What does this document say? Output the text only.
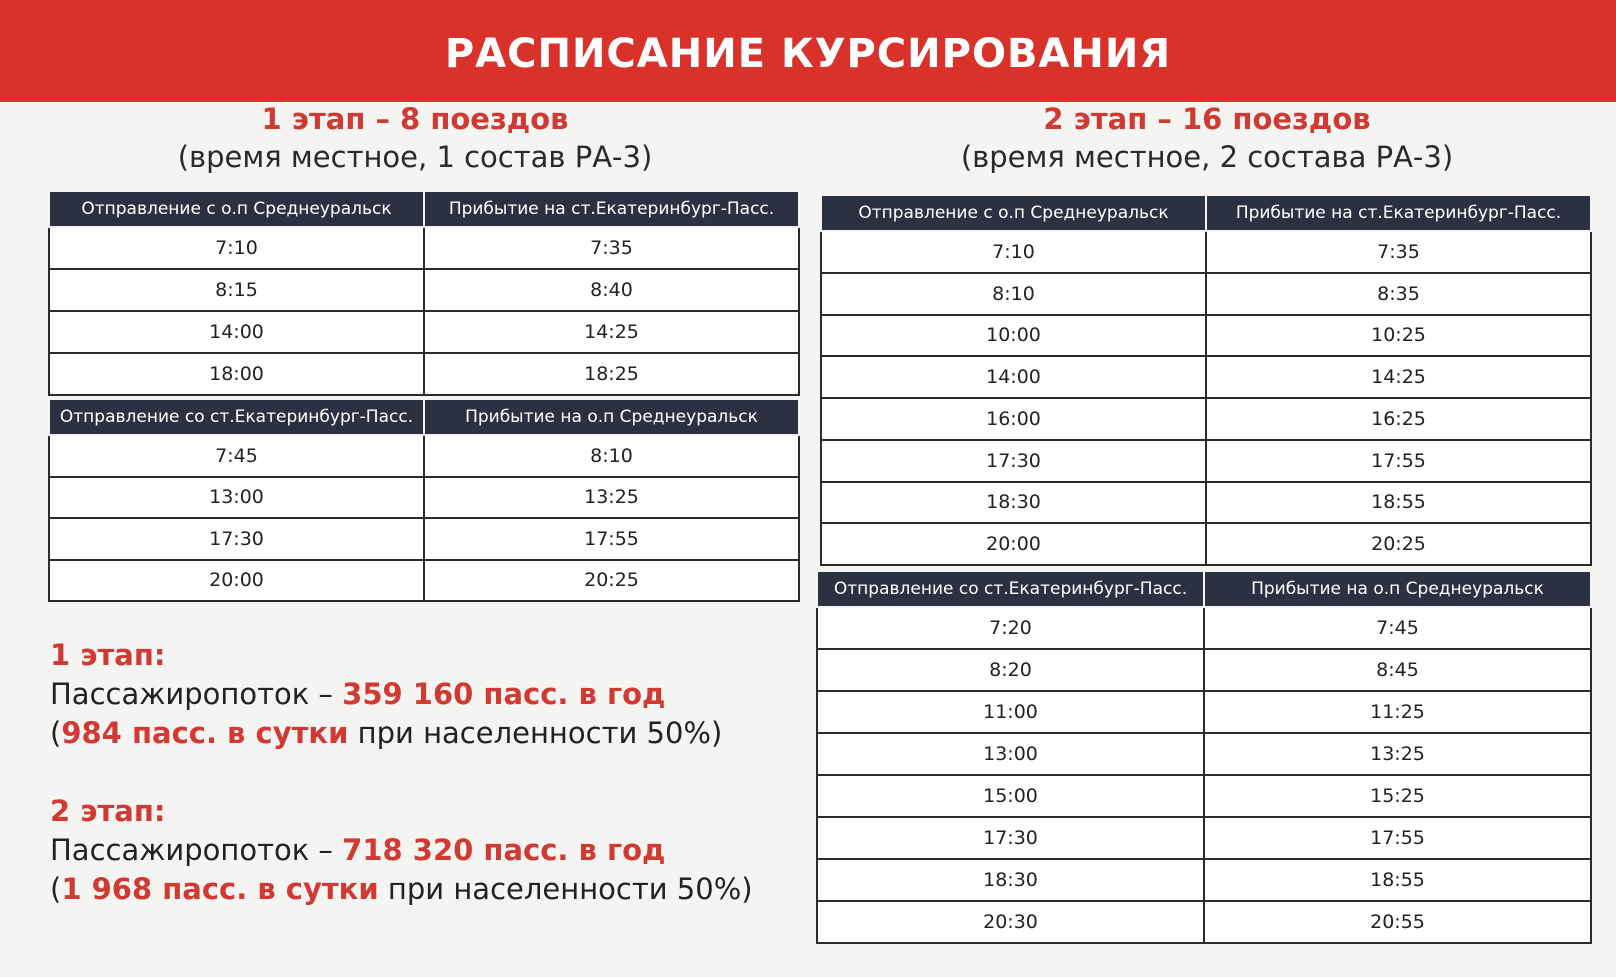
РАСПИСАНИЕ КУРСИРОВАНИЯ
1 этап – 8 поездов
(время местное, 1 состав РА-3)
2 этап – 16 поездов
(время местное, 2 состава РА-3)
Отправление с о.п Среднеуральск	Прибытие на ст.Екатеринбург-Пасс.
7:10	7:35
8:15	8:40
14:00	14:25
18:00	18:25
Отправление со ст.Екатеринбург-Пасс.	Прибытие на о.п Среднеуральск
7:45	8:10
13:00	13:25
17:30	17:55
20:00	20:25
Отправление с о.п Среднеуральск	Прибытие на ст.Екатеринбург-Пасс.
7:10	7:35
8:10	8:35
10:00	10:25
14:00	14:25
16:00	16:25
17:30	17:55
18:30	18:55
20:00	20:25
Отправление со ст.Екатеринбург-Пасс.	Прибытие на о.п Среднеуральск
7:20	7:45
8:20	8:45
11:00	11:25
13:00	13:25
15:00	15:25
17:30	17:55
18:30	18:55
20:30	20:55
1 этап:
Пассажиропоток – 359 160 пасс. в год
(984 пасс. в сутки при населенности 50%)
2 этап:
Пассажиропоток – 718 320 пасс. в год
(1 968 пасс. в сутки при населенности 50%)
